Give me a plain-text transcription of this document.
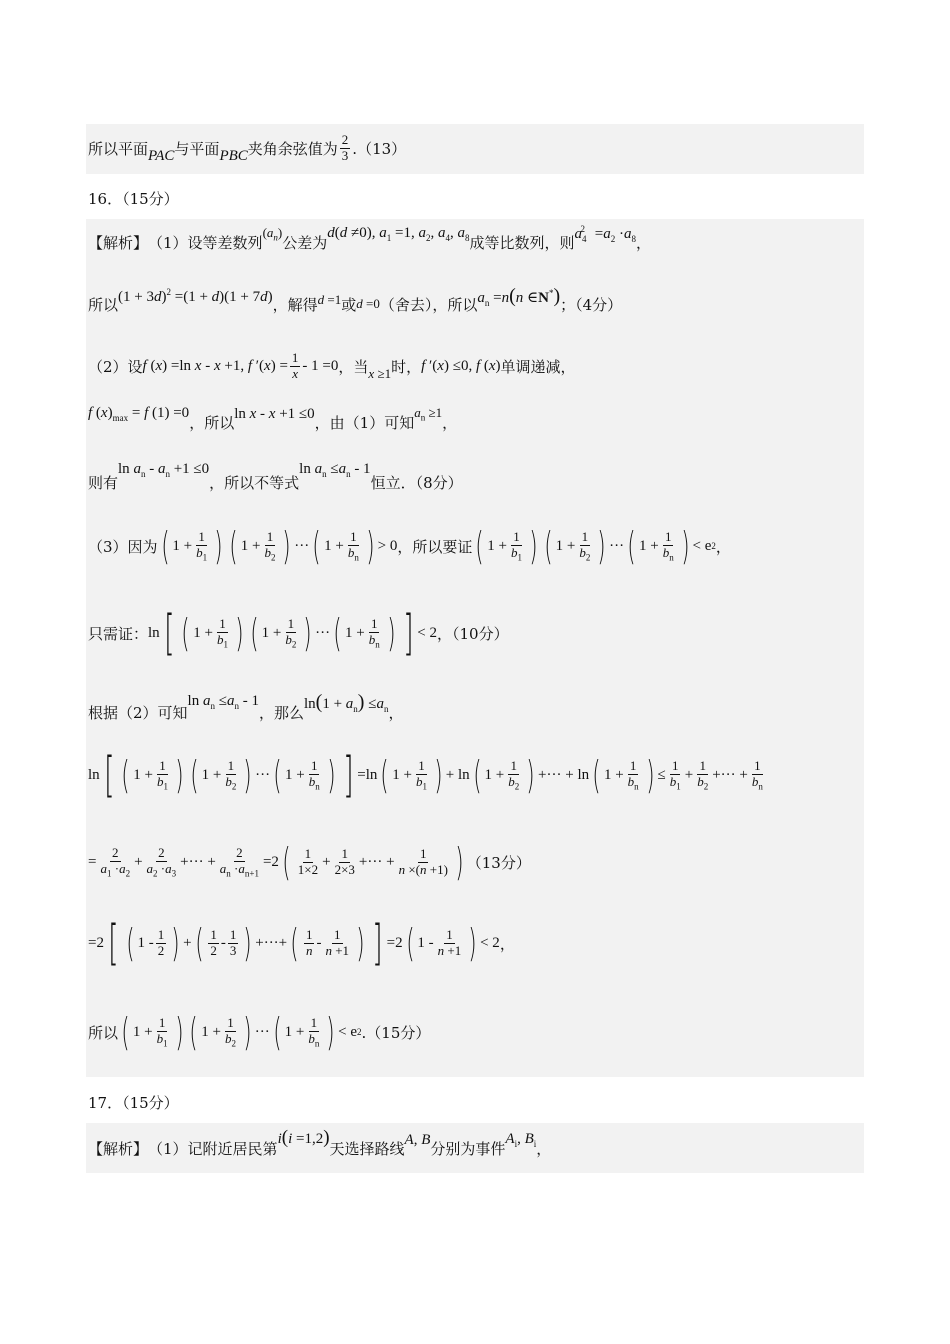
所以平面 PAC 与平面 PBC 夹角余弦值为 $\frac{2}{3} .(13)$
16．（15分）
【解析】 （1）设等差数列
$(a_n)$
公差为
d(d ≠0), $a_1 =1$, $a_2$, $a_4$, $a_8$ 成等比数列，则 $a_4^2 =a_2 \cdot a_8$ ，
所以 $(1 + 3d)^2 =(1 + d)(1 + 7d)$ ，解得 d =1 或 d =0 （舍去），所以 $a_n =n(n$ ∈N*) ；（4分）
（2）设 f (x) =ln x - x +1, f $'(x) = \frac{1}{x} - 1 =0$ ，当 x ≥1 时， f ′(x) ≤0, f (x) 单调递减，
f $(x)_{max} = f$ (1) =0
，所以 ln x - x +1 ≤0 ，由（1）可知
$a_n \ge 1$
，
则有
$\ln a_n - a_n +1 \le 0$
，所以不等式
$\ln a_n \le a_n - 1$
恒立．（8分）
（3）因为 ( $1 + \frac{1}{b_1}$ ) ( $1 + \frac{1}{b_2}$ ) ··· ( $1 + \frac{1}{b_n}$ ) > 0 ，所以要证 ( $1 + \frac{1}{b_1}$ ) ( $1 + \frac{1}{b_2}$ ) ··· ( $1 + \frac{1}{b_n}$ ) < e 2 ，
只需证： ln [ ( $1 + \frac{1}{b_1}$ ) ( $1 + \frac{1}{b_2}$ ) ··· ( $1 + \frac{1}{b_n}$ ) ] < 2 ，（10分）
根据（2）可知
$\ln a_n \le a_n - 1$
，那么 $\ln(1 + a_n) \le a_n$ ，
ln [ ( $1 + \frac{1}{b_1}$ ) ( $1 + \frac{1}{b_2}$ ) ··· ( $1 + \frac{1}{b_n}$ ) ] =ln ( $1 + \frac{1}{b_1}$ ) + ln ( $1 + \frac{1}{b_2}$ ) +··· + ln ( $1 + \frac{1}{b_n}$ ) ≤ $\frac{1}{b_1} + \frac{1}{b_2}$ +··· + $\frac{1}{b_n}$
= $\frac{2}{a_1 \cdot a_2} + \frac{2}{a_2 \cdot a_3}$ +··· + $\frac{2}{a_n \cdot a_{n+1}} =2$ ( $\frac{1}{1\times 2} + \frac{1}{2\times 3}$ +··· + $\frac{1}{n \times(n +1)}$ ) （13分）
=2 [ ( $1 - \frac{1}{2}$ ) + ( $\frac{1}{2} - \frac{1}{3}$ ) +···+ ( $\frac{1}{n} - \frac{1}{n +1}$ ) ] =2 ( $1 - \frac{1}{n +1}$ ) < 2 ，
所以 ( $1 + \frac{1}{b_1}$ ) ( $1 + \frac{1}{b_2}$ ) ··· ( $1 + \frac{1}{b_n}$ ) < e 2 .（15分）
17．（15分）
【解析】 （1）记附近居民第
i(i =1,2)
天选择路线 A, B 分别为事件
$A_i$, $B_i$ ，
